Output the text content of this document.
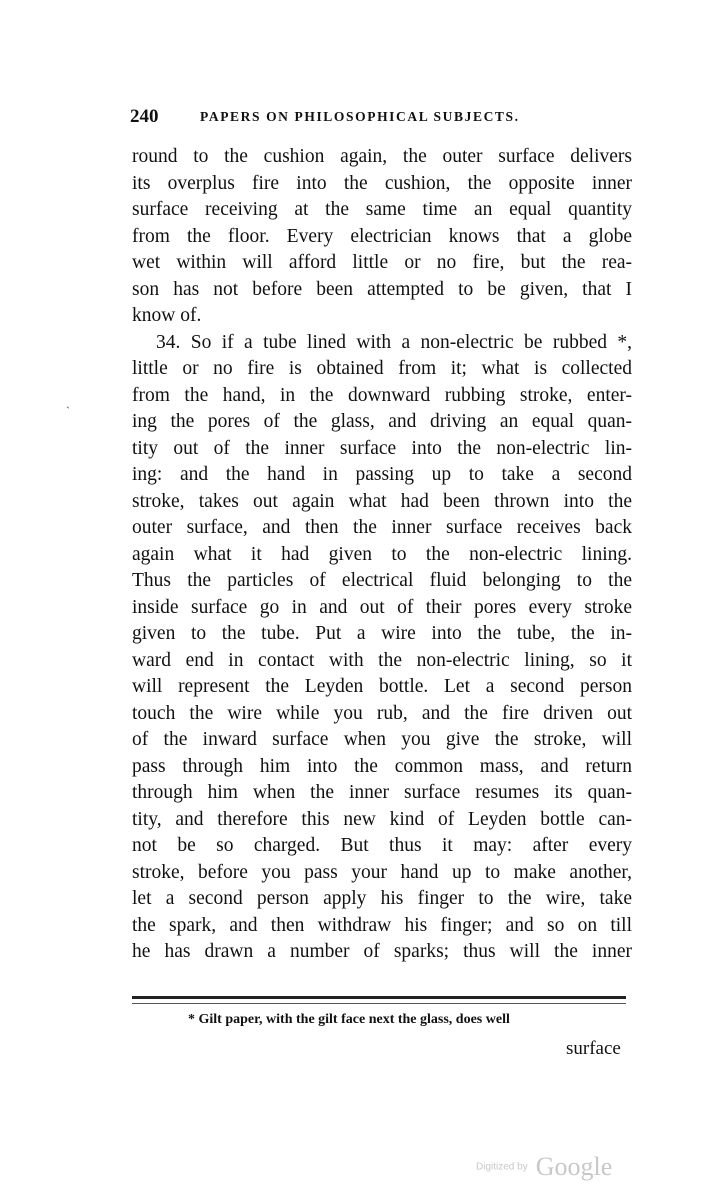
240	PAPERS ON PHILOSOPHICAL SUBJECTS.
round to the cushion again, the outer surface delivers
its overplus fire into the cushion, the opposite inner
surface receiving at the same time an equal quantity
from the floor. Every electrician knows that a globe
wet within will afford little or no fire, but the rea-
son has not before been attempted to be given, that I
know of.
34. So if a tube lined with a non-electric be rubbed *,
little or no fire is obtained from it; what is collected
from the hand, in the downward rubbing stroke, enter-
ing the pores of the glass, and driving an equal quan-
tity out of the inner surface into the non-electric lin-
ing: and the hand in passing up to take a second
stroke, takes out again what had been thrown into the
outer surface, and then the inner surface receives back
again what it had given to the non-electric lining.
Thus the particles of electrical fluid belonging to the
inside surface go in and out of their pores every stroke
given to the tube. Put a wire into the tube, the in-
ward end in contact with the non-electric lining, so it
will represent the Leyden bottle. Let a second person
touch the wire while you rub, and the fire driven out
of the inward surface when you give the stroke, will
pass through him into the common mass, and return
through him when the inner surface resumes its quan-
tity, and therefore this new kind of Leyden bottle can-
not be so charged. But thus it may: after every
stroke, before you pass your hand up to make another,
let a second person apply his finger to the wire, take
the spark, and then withdraw his finger; and so on till
he has drawn a number of sparks; thus will the inner
`
* Gilt paper, with the gilt face next the glass, does well
surface
Digitized by Google
